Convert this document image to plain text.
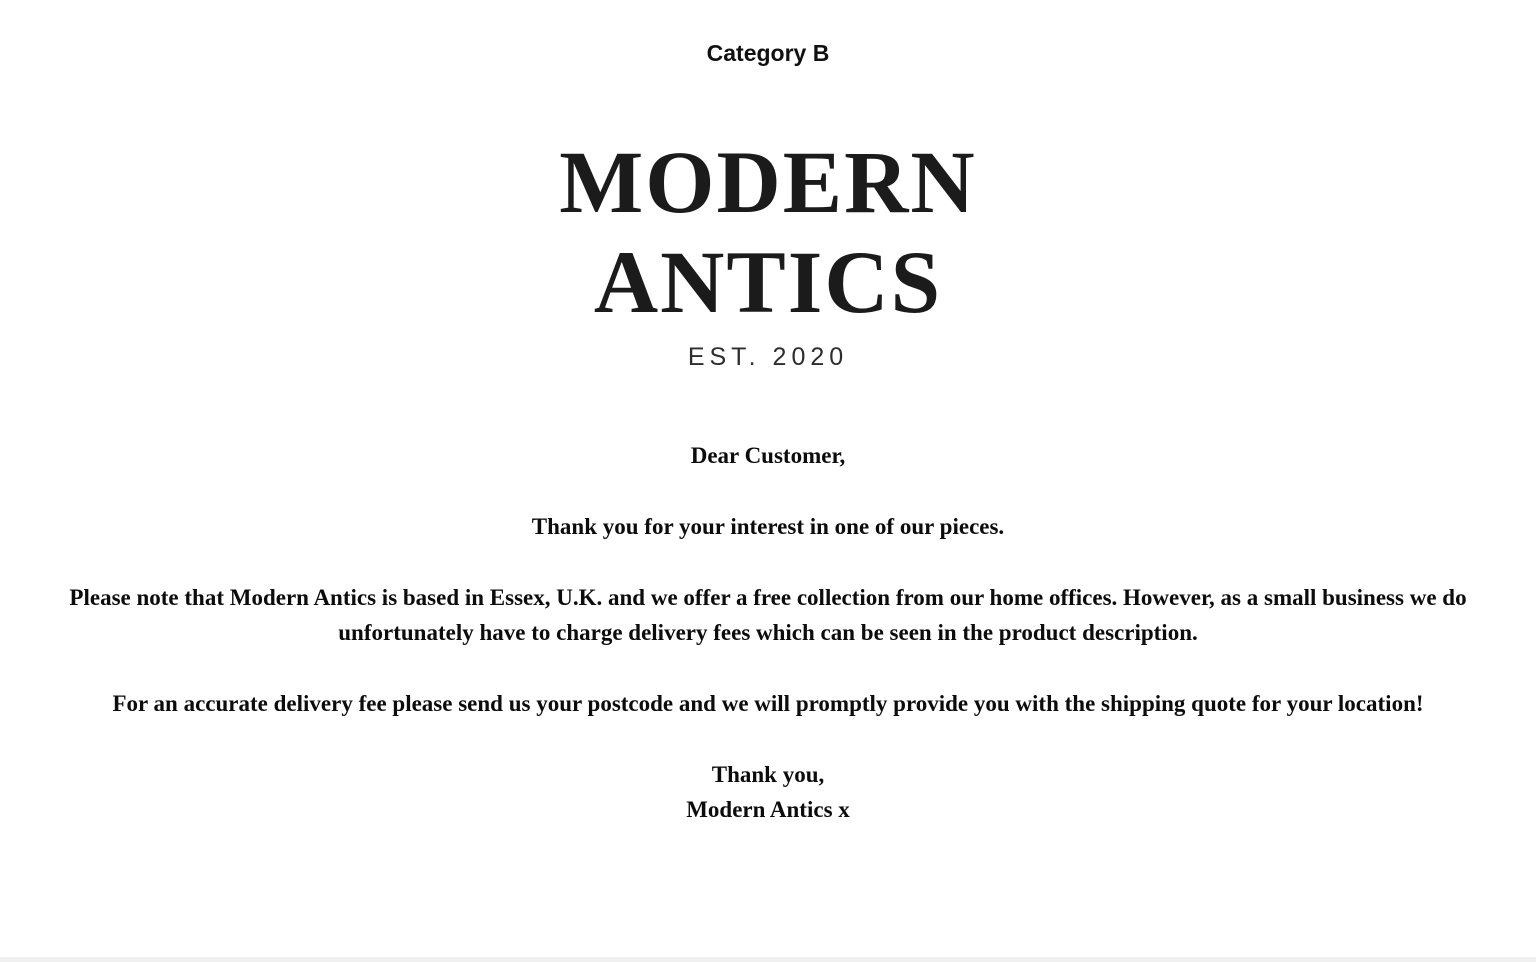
Category B
MODERN
ANTICS
EST. 2020

Dear Customer,

Thank you for your interest in one of our pieces.

Please note that Modern Antics is based in Essex, U.K. and we offer a free collection from our home offices. However, as a small business we do unfortunately have to charge delivery fees which can be seen in the product description.

For an accurate delivery fee please send us your postcode and we will promptly provide you with the shipping quote for your location!

Thank you,
Modern Antics x
